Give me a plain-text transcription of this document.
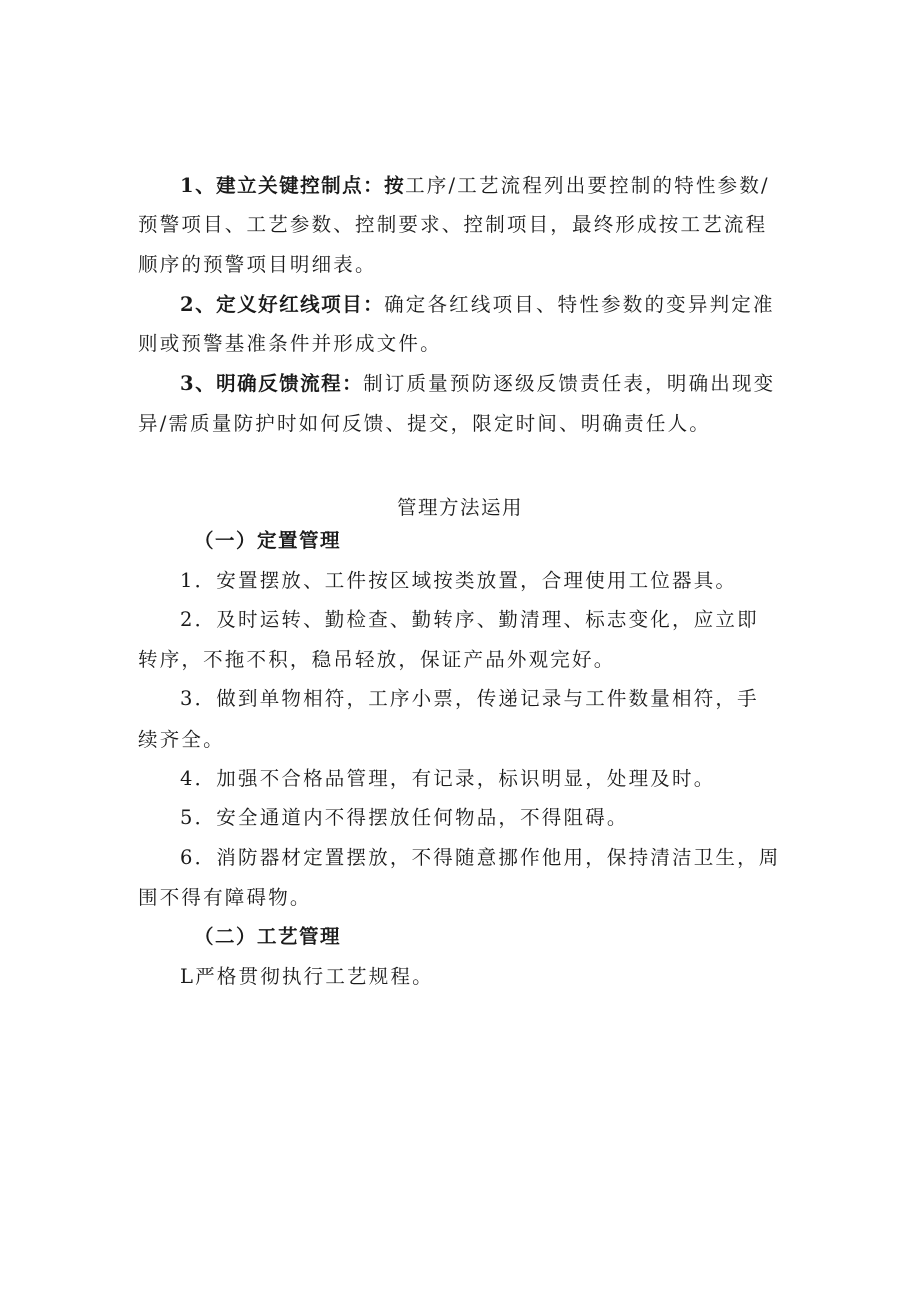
1、建立关键控制点：按工序/工艺流程列出要控制的特性参数/
预警项目、工艺参数、控制要求、控制项目，最终形成按工艺流程
顺序的预警项目明细表。
2、定义好红线项目：确定各红线项目、特性参数的变异判定准
则或预警基准条件并形成文件。
3、明确反馈流程：制订质量预防逐级反馈责任表，明确出现变
异/需质量防护时如何反馈、提交，限定时间、明确责任人。
管理方法运用
（一）定置管理
1．安置摆放、工件按区域按类放置，合理使用工位器具。
2．及时运转、勤检查、勤转序、勤清理、标志变化，应立即
转序，不拖不积，稳吊轻放，保证产品外观完好。
3．做到单物相符，工序小票，传递记录与工件数量相符，手
续齐全。
4．加强不合格品管理，有记录，标识明显，处理及时。
5．安全通道内不得摆放任何物品，不得阻碍。
6．消防器材定置摆放，不得随意挪作他用，保持清洁卫生，周
围不得有障碍物。
（二）工艺管理
L严格贯彻执行工艺规程。
